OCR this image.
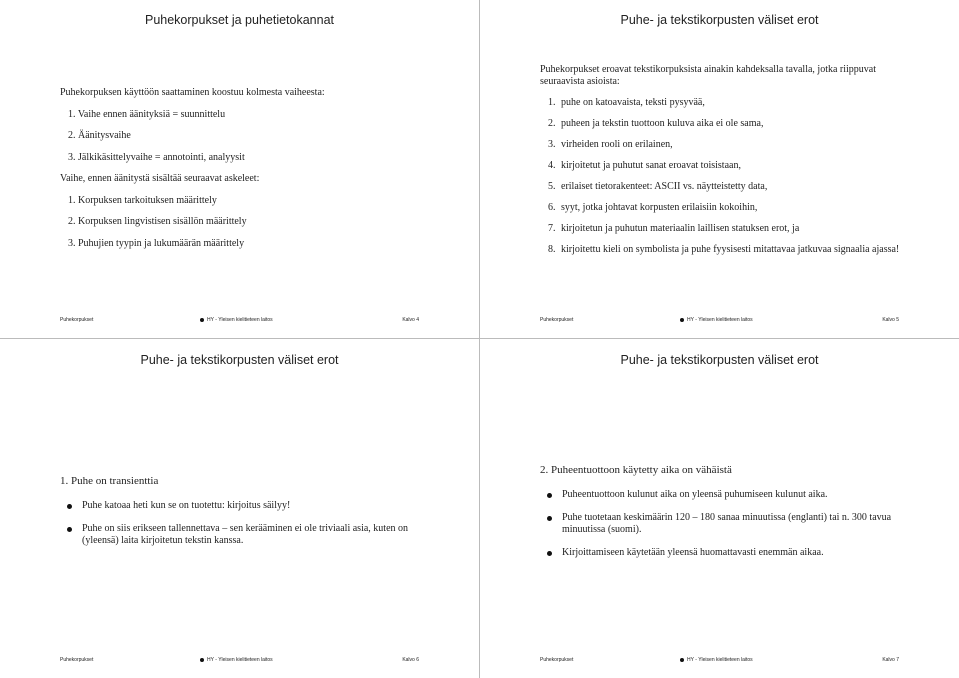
Puhekorpukset ja puhetietokannat
Puhekorpuksen käyttöön saattaminen koostuu kolmesta vaiheesta:
1. Vaihe ennen äänityksiä = suunnittelu
2. Äänitysvaihe
3. Jälkikäsittelyvaihe = annotointi, analyysit
Vaihe, ennen äänitystä sisältää seuraavat askeleet:
1. Korpuksen tarkoituksen määrittely
2. Korpuksen lingvistisen sisällön määrittely
3. Puhujien tyypin ja lukumäärän määrittely
Puhekorpukset	HY - Yleisen kielitieteen laitos	Kalvo 4
Puhe- ja tekstikorpusten väliset erot
Puhekorpukset eroavat tekstikorpuksista ainakin kahdeksalla tavalla, jotka riippuvat seuraavista asioista:
1. puhe on katoavaista, teksti pysyvää,
2. puheen ja tekstin tuottoon kuluva aika ei ole sama,
3. virheiden rooli on erilainen,
4. kirjoitetut ja puhutut sanat eroavat toisistaan,
5. erilaiset tietorakenteet: ASCII vs. näytteistetty data,
6. syyt, jotka johtavat korpusten erilaisiin kokoihin,
7. kirjoitetun ja puhutun materiaalin laillisen statuksen erot, ja
8. kirjoitettu kieli on symbolista ja puhe fyysisesti mitattavaa jatkuvaa signaalia ajassa!
Puhekorpukset	HY - Yleisen kielitieteen laitos	Kalvo 5
Puhe- ja tekstikorpusten väliset erot
1. Puhe on transienttia
Puhe katoaa heti kun se on tuotettu: kirjoitus säilyy!
Puhe on siis erikseen tallennettava – sen kerääminen ei ole triviaali asia, kuten on (yleensä) laita kirjoitetun tekstin kanssa.
Puhekorpukset	HY - Yleisen kielitieteen laitos	Kalvo 6
Puhe- ja tekstikorpusten väliset erot
2. Puheentuottoon käytetty aika on vähäistä
Puheentuottoon kulunut aika on yleensä puhumiseen kulunut aika.
Puhe tuotetaan keskimäärin 120 – 180 sanaa minuutissa (englanti) tai n. 300 tavua minuutissa (suomi).
Kirjoittamiseen käytetään yleensä huomattavasti enemmän aikaa.
Puhekorpukset	HY - Yleisen kielitieteen laitos	Kalvo 7
